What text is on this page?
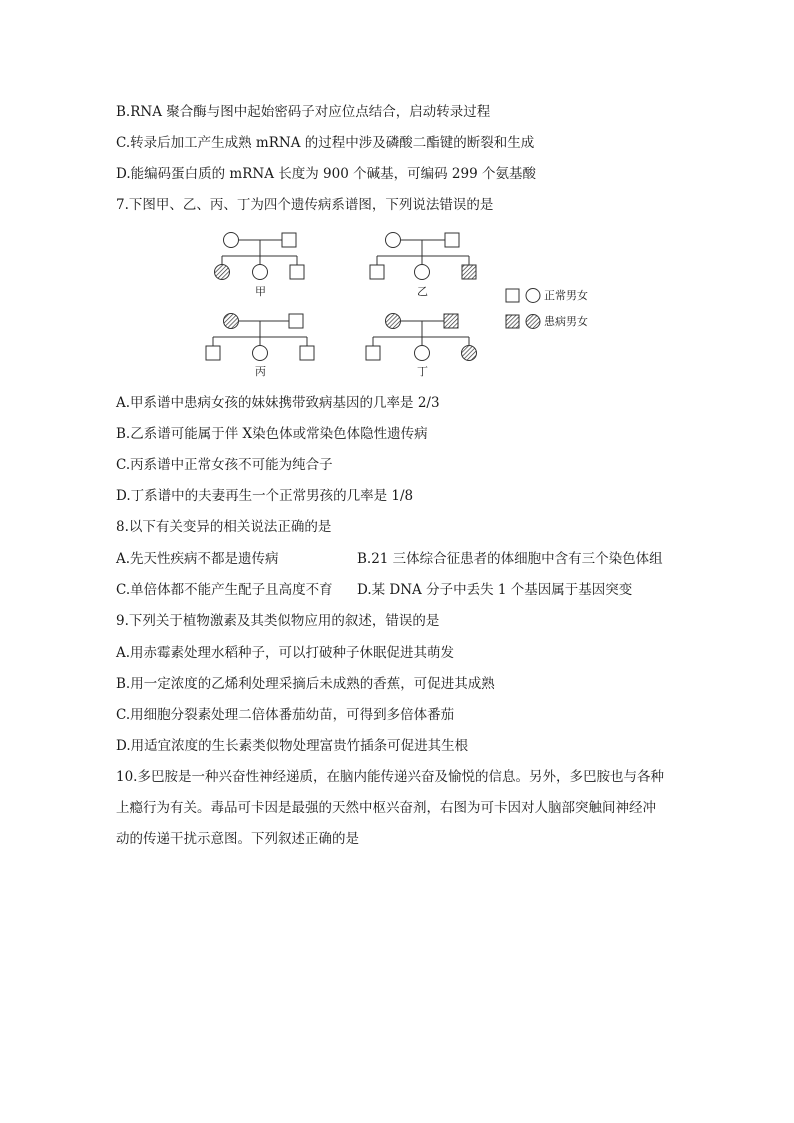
B.RNA 聚合酶与图中起始密码子对应位点结合，启动转录过程
C.转录后加工产生成熟 mRNA 的过程中涉及磷酸二酯键的断裂和生成
D.能编码蛋白质的 mRNA 长度为 900 个碱基，可编码 299 个氨基酸
7.下图甲、乙、丙、丁为四个遗传病系谱图，下列说法错误的是
甲	乙
丙	丁
正常男女
患病男女
A.甲系谱中患病女孩的妹妹携带致病基因的几率是 2/3
B.乙系谱可能属于伴 X染色体或常染色体隐性遗传病
C.丙系谱中正常女孩不可能为纯合子
D.丁系谱中的夫妻再生一个正常男孩的几率是 1/8
8.以下有关变异的相关说法正确的是
A.先天性疾病不都是遗传病	B.21 三体综合征患者的体细胞中含有三个染色体组
C.单倍体都不能产生配子且高度不育 D.某 DNA 分子中丢失 1 个基因属于基因突变
9.下列关于植物激素及其类似物应用的叙述，错误的是
A.用赤霉素处理水稻种子，可以打破种子休眠促进其萌发
B.用一定浓度的乙烯利处理采摘后未成熟的香蕉，可促进其成熟
C.用细胞分裂素处理二倍体番茄幼苗，可得到多倍体番茄
D.用适宜浓度的生长素类似物处理富贵竹插条可促进其生根
10.多巴胺是一种兴奋性神经递质，在脑内能传递兴奋及愉悦的信息。另外，多巴胺也与各种
上瘾行为有关。毒品可卡因是最强的天然中枢兴奋剂，右图为可卡因对人脑部突触间神经冲
动的传递干扰示意图。下列叙述正确的是
